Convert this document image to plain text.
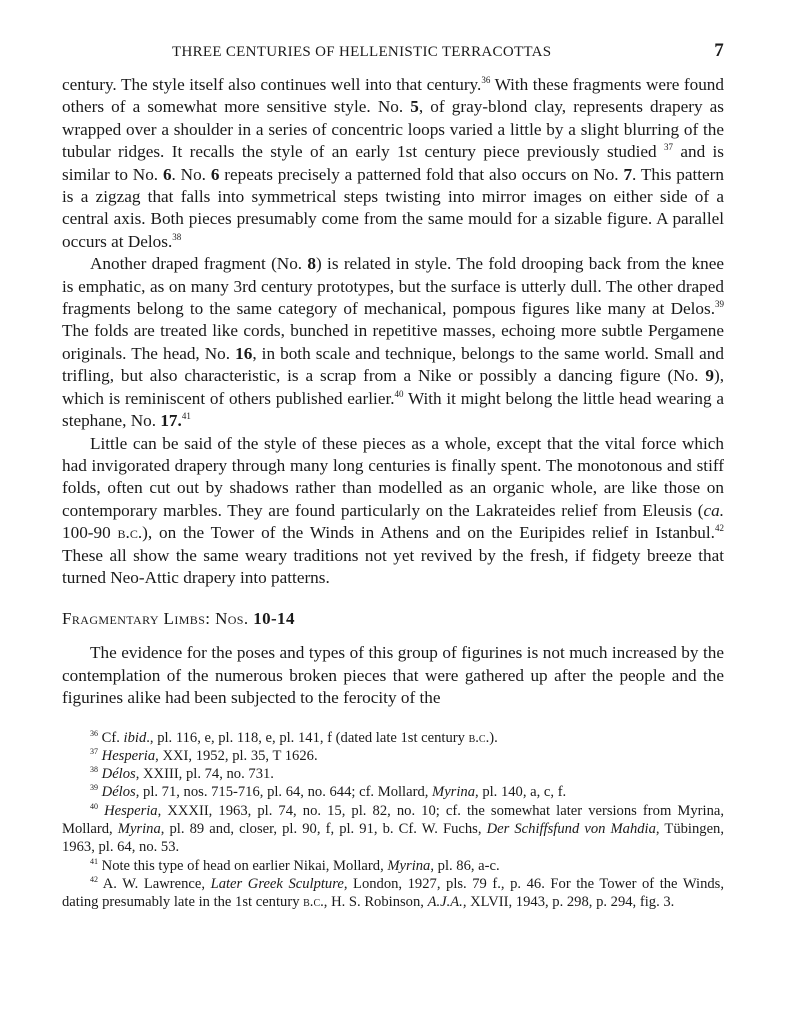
THREE CENTURIES OF HELLENISTIC TERRACOTTAS	7

century. The style itself also continues well into that century.$^{36}$ With these fragments were found others of a somewhat more sensitive style. No. 5, of gray-blond clay, represents drapery as wrapped over a shoulder in a series of concentric loops varied a little by a slight blurring of the tubular ridges. It recalls the style of an early 1st century piece previously studied $^{37}$ and is similar to No. 6. No. 6 repeats precisely a patterned fold that also occurs on No. 7. This pattern is a zigzag that falls into symmetrical steps twisting into mirror images on either side of a central axis. Both pieces presumably come from the same mould for a sizable figure. A parallel occurs at Delos.$^{38}$

Another draped fragment (No. 8) is related in style. The fold drooping back from the knee is emphatic, as on many 3rd century prototypes, but the surface is utterly dull. The other draped fragments belong to the same category of mechanical, pompous figures like many at Delos.$^{39}$ The folds are treated like cords, bunched in repetitive masses, echoing more subtle Pergamene originals. The head, No. 16, in both scale and technique, belongs to the same world. Small and trifling, but also characteristic, is a scrap from a Nike or possibly a dancing figure (No. 9), which is reminiscent of others published earlier.$^{40}$ With it might belong the little head wearing a stephane, No. 17.41

Little can be said of the style of these pieces as a whole, except that the vital force which had invigorated drapery through many long centuries is finally spent. The monotonous and stiff folds, often cut out by shadows rather than modelled as an organic whole, are like those on contemporary marbles. They are found particularly on the Lakrateides relief from Eleusis (ca. 100-90 b.c.), on the Tower of the Winds in Athens and on the Euripides relief in Istanbul.$^{42}$ These all show the same weary traditions not yet revived by the fresh, if fidgety breeze that turned Neo-Attic drapery into patterns.

Fragmentary Limbs: Nos. 10-14

The evidence for the poses and types of this group of figurines is not much increased by the contemplation of the numerous broken pieces that were gathered up after the people and the figurines alike had been subjected to the ferocity of the

$^{36}$ Cf. ibid., pl. 116, e, pl. 118, e, pl. 141, f (dated late 1st century b.c.).
$^{37}$ Hesperia, XXI, 1952, pl. 35, T 1626.
$^{38}$ Délos, XXIII, pl. 74, no. 731.
$^{39}$ Délos, pl. 71, nos. 715-716, pl. 64, no. 644; cf. Mollard, Myrina, pl. 140, a, c, f.
$^{40}$ Hesperia, XXXII, 1963, pl. 74, no. 15, pl. 82, no. 10; cf. the somewhat later versions from Myrina, Mollard, Myrina, pl. 89 and, closer, pl. 90, f, pl. 91, b. Cf. W. Fuchs, Der Schiffsfund von Mahdia, Tübingen, 1963, pl. 64, no. 53.
$^{41}$ Note this type of head on earlier Nikai, Mollard, Myrina, pl. 86, a-c.
$^{42}$ A. W. Lawrence, Later Greek Sculpture, London, 1927, pls. 79 f., p. 46. For the Tower of the Winds, dating presumably late in the 1st century b.c., H. S. Robinson, A.J.A., XLVII, 1943, p. 298, p. 294, fig. 3.
